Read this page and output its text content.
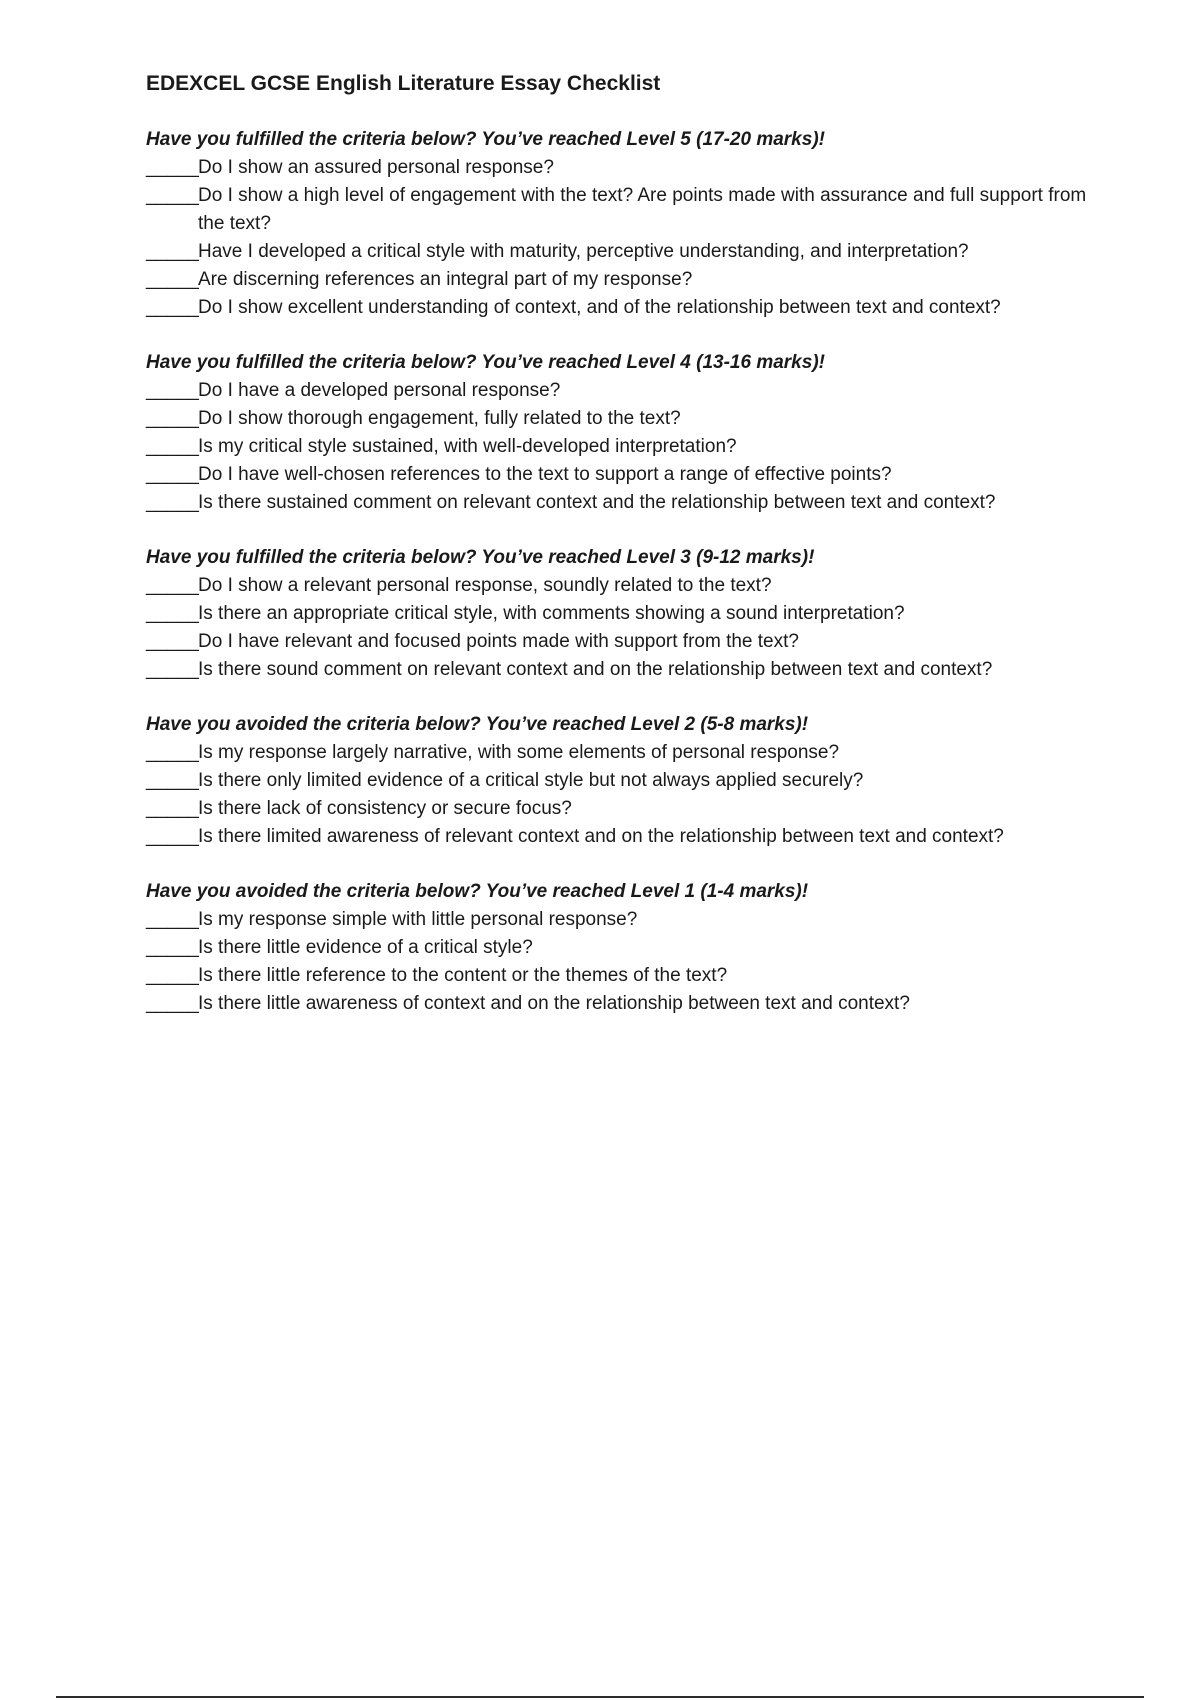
EDEXCEL GCSE English Literature Essay Checklist
Have you fulfilled the criteria below? You’ve reached Level 5 (17-20 marks)!
_____ Do I show an assured personal response?
_____ Do I show a high level of engagement with the text? Are points made with assurance and full support from the text?
_____ Have I developed a critical style with maturity, perceptive understanding, and interpretation?
_____ Are discerning references an integral part of my response?
_____ Do I show excellent understanding of context, and of the relationship between text and context?
Have you fulfilled the criteria below? You’ve reached Level 4 (13-16 marks)!
_____ Do I have a developed personal response?
_____ Do I show thorough engagement, fully related to the text?
_____ Is my critical style sustained, with well-developed interpretation?
_____ Do I have well-chosen references to the text to support a range of effective points?
_____ Is there sustained comment on relevant context and the relationship between text and context?
Have you fulfilled the criteria below? You’ve reached Level 3 (9-12 marks)!
_____ Do I show a relevant personal response, soundly related to the text?
_____ Is there an appropriate critical style, with comments showing a sound interpretation?
_____ Do I have relevant and focused points made with support from the text?
_____ Is there sound comment on relevant context and on the relationship between text and context?
Have you avoided the criteria below? You’ve reached Level 2 (5-8 marks)!
_____ Is my response largely narrative, with some elements of personal response?
_____ Is there only limited evidence of a critical style but not always applied securely?
_____ Is there lack of consistency or secure focus?
_____ Is there limited awareness of relevant context and on the relationship between text and context?
Have you avoided the criteria below? You’ve reached Level 1 (1-4 marks)!
_____ Is my response simple with little personal response?
_____ Is there little evidence of a critical style?
_____ Is there little reference to the content or the themes of the text?
_____ Is there little awareness of context and on the relationship between text and context?
